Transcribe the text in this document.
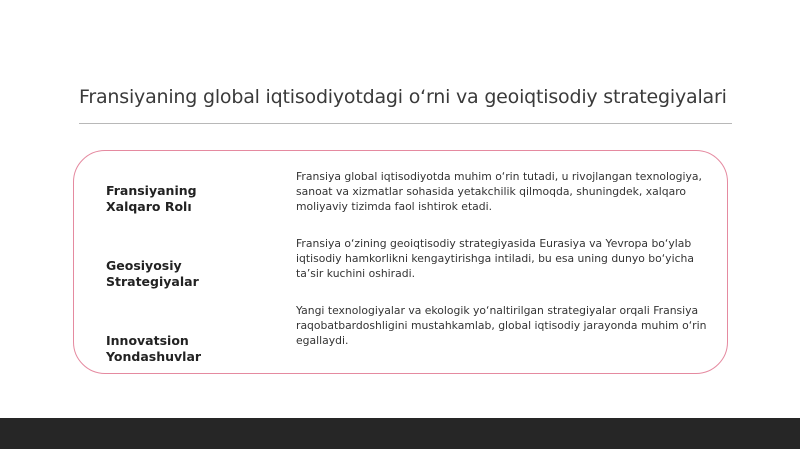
Fransiyaning global iqtisodiyotdagi o‘rni va geoiqtisodiy strategiyalari
Fransiyaning
Xalqaro Rolı
Fransiya global iqtisodiyotda muhim o‘rin tutadi, u rivojlangan texnologiya, sanoat va xizmatlar sohasida yetakchilik qilmoqda, shuningdek, xalqaro moliyaviy tizimda faol ishtirok etadi.
Geosiyosiy
Strategiyalar
Fransiya o‘zining geoiqtisodiy strategiyasida Eurasiya va Yevropa bo‘ylab iqtisodiy hamkorlikni kengaytirishga intiladi, bu esa uning dunyo bo‘yicha ta’sir kuchini oshiradi.
Innovatsion
Yondashuvlar
Yangi texnologiyalar va ekologik yo‘naltirilgan strategiyalar orqali Fransiya raqobatbardoshligini mustahkamlab, global iqtisodiy jarayonda muhim o‘rin egallaydi.
